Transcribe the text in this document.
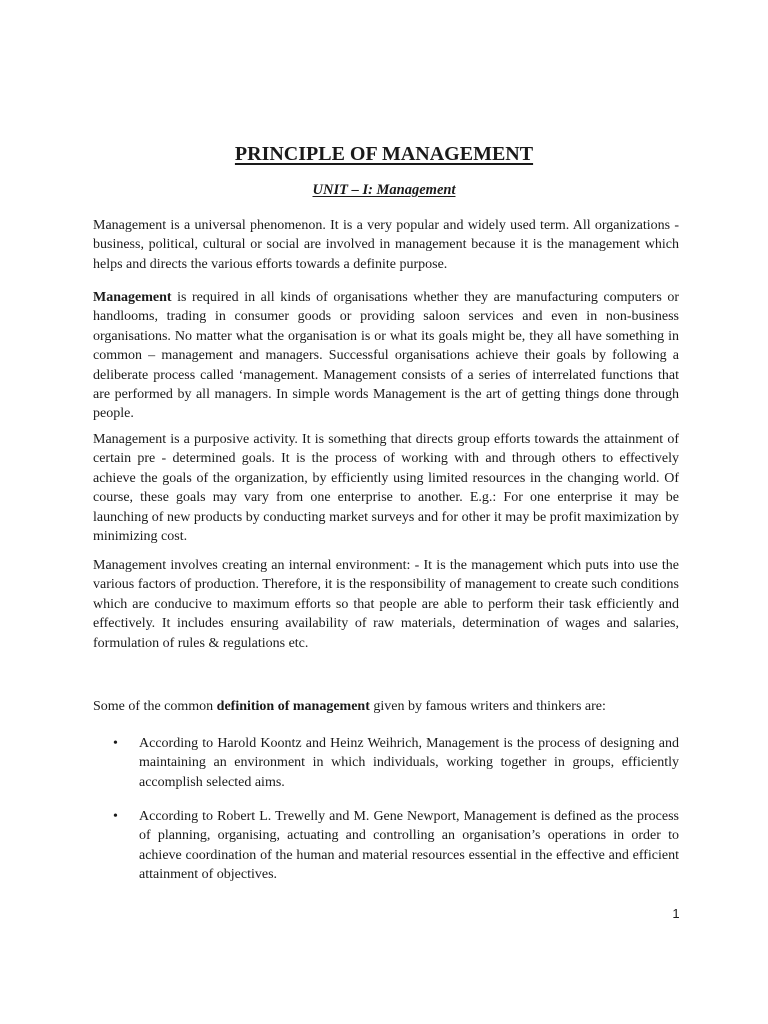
PRINCIPLE OF MANAGEMENT
UNIT – I: Management

Management is a universal phenomenon. It is a very popular and widely used term. All organizations - business, political, cultural or social are involved in management because it is the management which helps and directs the various efforts towards a definite purpose.

Management is required in all kinds of organisations whether they are manufacturing computers or handlooms, trading in consumer goods or providing saloon services and even in non-business organisations. No matter what the organisation is or what its goals might be, they all have something in common – management and managers. Successful organisations achieve their goals by following a deliberate process called ‘management. Management consists of a series of interrelated functions that are performed by all managers. In simple words Management is the art of getting things done through people.

Management is a purposive activity. It is something that directs group efforts towards the attainment of certain pre - determined goals. It is the process of working with and through others to effectively achieve the goals of the organization, by efficiently using limited resources in the changing world. Of course, these goals may vary from one enterprise to another. E.g.: For one enterprise it may be launching of new products by conducting market surveys and for other it may be profit maximization by minimizing cost.

Management involves creating an internal environment: - It is the management which puts into use the various factors of production. Therefore, it is the responsibility of management to create such conditions which are conducive to maximum efforts so that people are able to perform their task efficiently and effectively. It includes ensuring availability of raw materials, determination of wages and salaries, formulation of rules & regulations etc.

Some of the common definition of management given by famous writers and thinkers are:

• According to Harold Koontz and Heinz Weihrich, Management is the process of designing and maintaining an environment in which individuals, working together in groups, efficiently accomplish selected aims.

• According to Robert L. Trewelly and M. Gene Newport, Management is defined as the process of planning, organising, actuating and controlling an organisation’s operations in order to achieve coordination of the human and material resources essential in the effective and efficient attainment of objectives.

1
